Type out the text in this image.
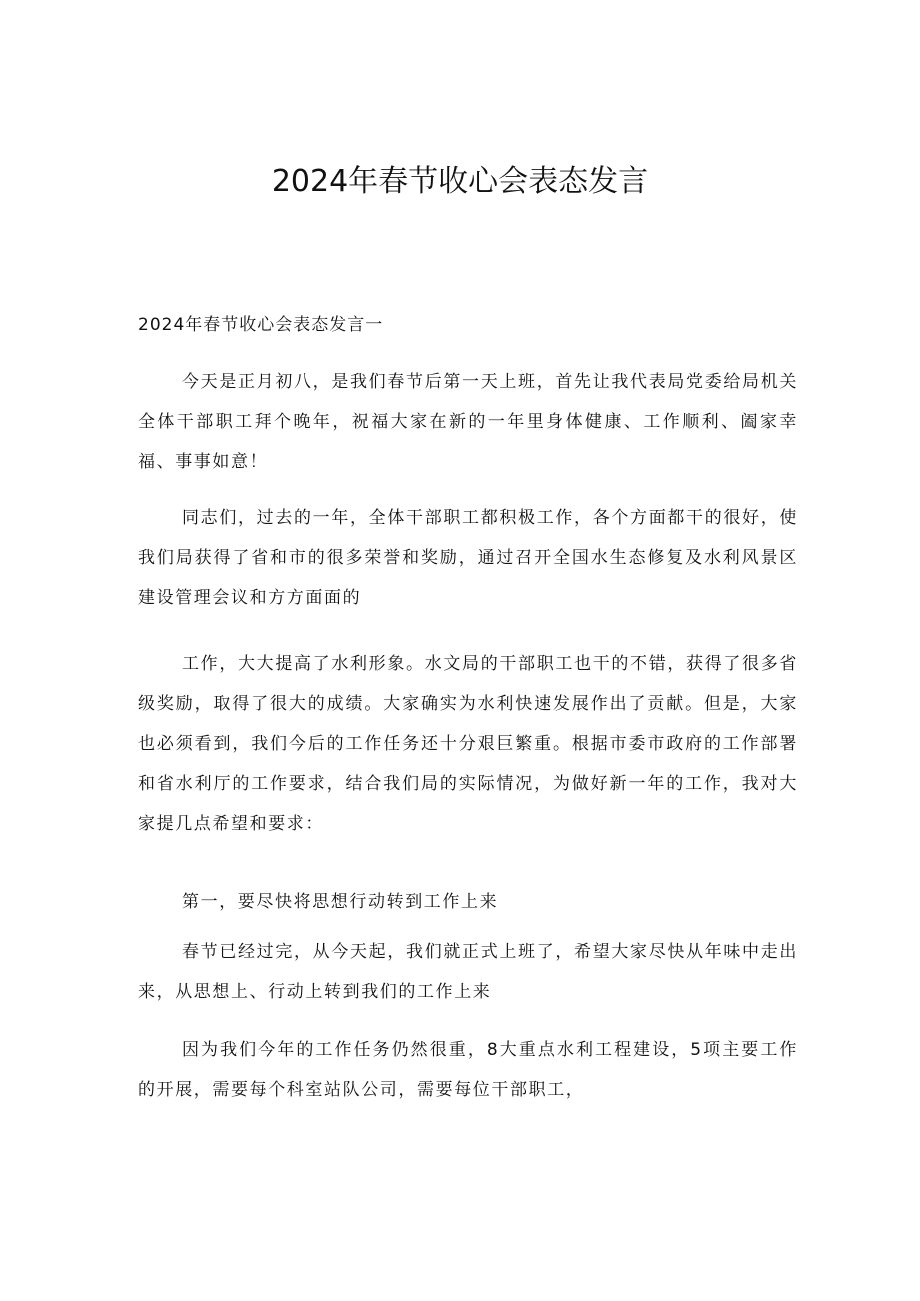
2024年春节收心会表态发言

2024年春节收心会表态发言一

今天是正月初八，是我们春节后第一天上班，首先让我代表局党委给局机关全体干部职工拜个晚年，祝福大家在新的一年里身体健康、工作顺利、阖家幸福、事事如意！

同志们，过去的一年，全体干部职工都积极工作，各个方面都干的很好，使我们局获得了省和市的很多荣誉和奖励，通过召开全国水生态修复及水利风景区建设管理会议和方方面面的

工作，大大提高了水利形象。水文局的干部职工也干的不错，获得了很多省级奖励，取得了很大的成绩。大家确实为水利快速发展作出了贡献。但是，大家也必须看到，我们今后的工作任务还十分艰巨繁重。根据市委市政府的工作部署和省水利厅的工作要求，结合我们局的实际情况，为做好新一年的工作，我对大家提几点希望和要求：

第一，要尽快将思想行动转到工作上来

春节已经过完，从今天起，我们就正式上班了，希望大家尽快从年味中走出来，从思想上、行动上转到我们的工作上来

因为我们今年的工作任务仍然很重，8大重点水利工程建设，5项主要工作的开展，需要每个科室站队公司，需要每位干部职工，
